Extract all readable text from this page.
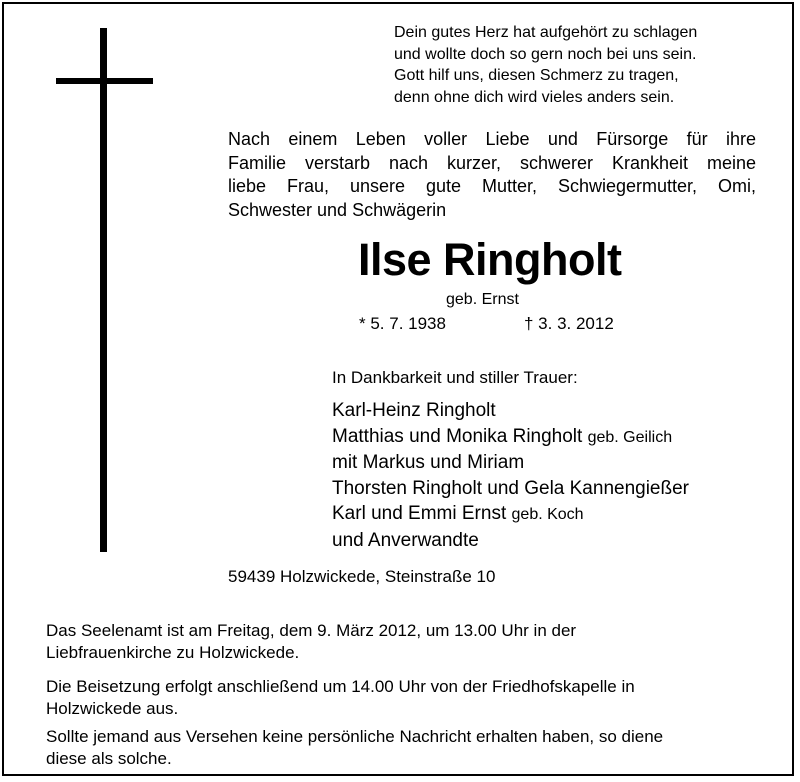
Dein gutes Herz hat aufgehört zu schlagen
und wollte doch so gern noch bei uns sein.
Gott hilf uns, diesen Schmerz zu tragen,
denn ohne dich wird vieles anders sein.
Nach einem Leben voller Liebe und Fürsorge für ihre
Familie verstarb nach kurzer, schwerer Krankheit meine
liebe Frau, unsere gute Mutter, Schwiegermutter, Omi,
Schwester und Schwägerin
Ilse Ringholt
geb. Ernst
* 5. 7. 1938	† 3. 3. 2012
In Dankbarkeit und stiller Trauer:
Karl-Heinz Ringholt
Matthias und Monika Ringholt geb. Geilich
mit Markus und Miriam
Thorsten Ringholt und Gela Kannengießer
Karl und Emmi Ernst geb. Koch
und Anverwandte
59439 Holzwickede, Steinstraße 10

Das Seelenamt ist am Freitag, dem 9. März 2012, um 13.00 Uhr in der
Liebfrauenkirche zu Holzwickede.

Die Beisetzung erfolgt anschließend um 14.00 Uhr von der Friedhofskapelle in
Holzwickede aus.
Sollte jemand aus Versehen keine persönliche Nachricht erhalten haben, so diene
diese als solche.
